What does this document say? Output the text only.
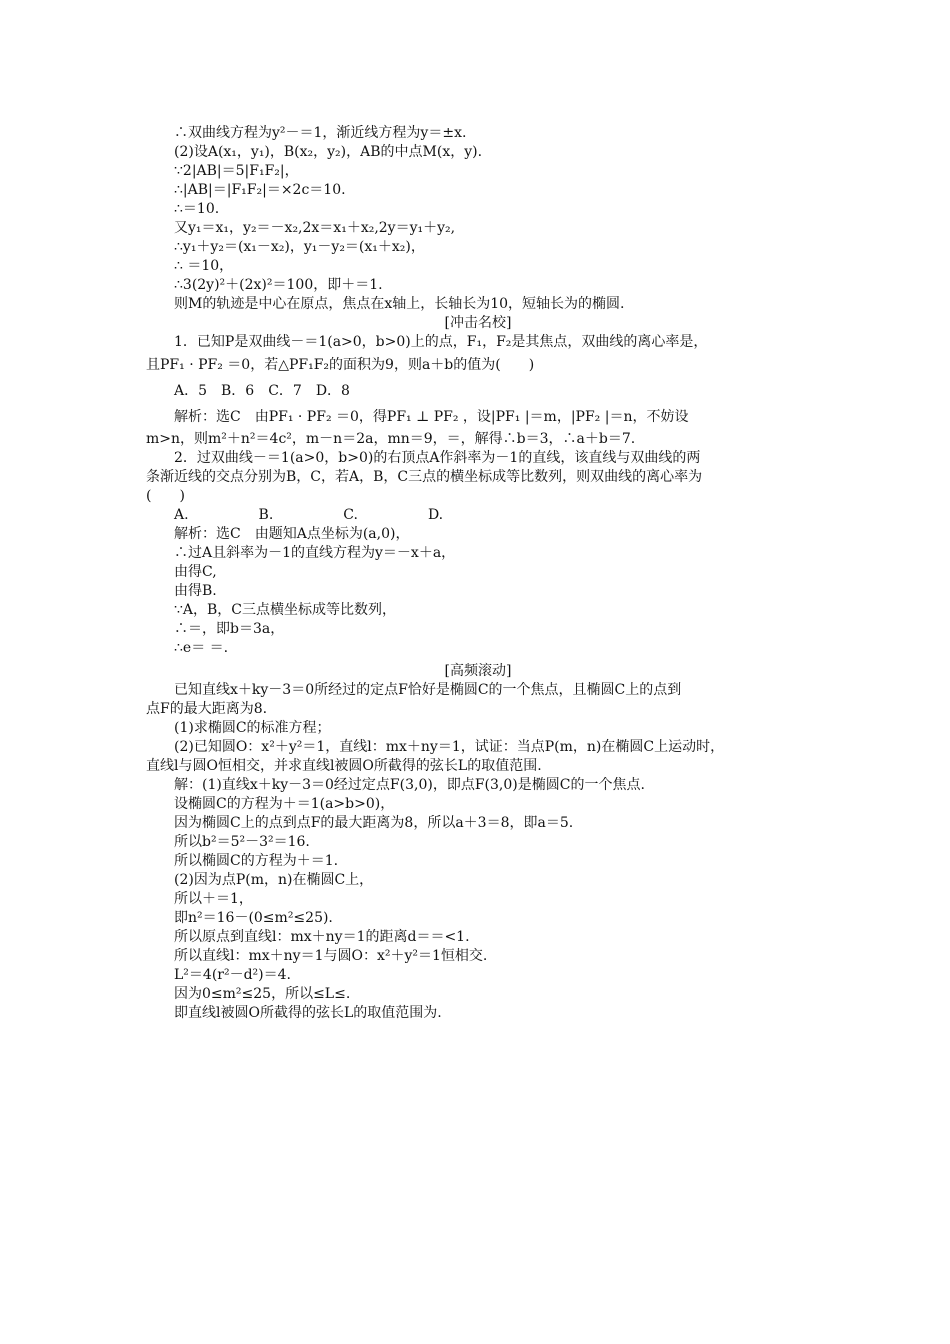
∴双曲线方程为y²－＝1，渐近线方程为y＝±x.
(2)设A(x₁，y₁)，B(x₂，y₂)，AB的中点M(x，y).
∵2|AB|＝5|F₁F₂|，
∴|AB|＝|F₁F₂|＝×2c＝10.
∴＝10.
又y₁＝x₁，y₂＝－x₂,2x＝x₁＋x₂,2y＝y₁＋y₂,
∴y₁＋y₂＝(x₁－x₂)，y₁－y₂＝(x₁＋x₂)，
∴ ＝10，
∴3(2y)²＋(2x)²＝100，即＋＝1.
则M的轨迹是中心在原点，焦点在x轴上，长轴长为10，短轴长为的椭圆.
[冲击名校]
1．已知P是双曲线－＝1(a>0，b>0)上的点，F₁，F₂是其焦点，双曲线的离心率是，
且PF₁ · PF₂ ＝0，若△PF₁F₂的面积为9，则a＋b的值为(　　)
A．5　B．6　C．7　D．8
解析：选C　由PF₁ · PF₂ ＝0，得PF₁ ⊥ PF₂ ，设|PF₁ |＝m，|PF₂ |＝n，不妨设
m>n，则m²＋n²＝4c²，m－n＝2a，mn＝9，＝，解得∴b＝3，∴a＋b＝7.
2．过双曲线－＝1(a>0，b>0)的右顶点A作斜率为－1的直线，该直线与双曲线的两
条渐近线的交点分别为B，C，若A，B，C三点的横坐标成等比数列，则双曲线的离心率为
(　　)
A.　　　　　B.　　　　　C.　　　　　D.
解析：选C　由题知A点坐标为(a,0)，
∴过A且斜率为－1的直线方程为y＝－x＋a，
由得C,
由得B.
∵A，B，C三点横坐标成等比数列，
∴＝，即b＝3a，
∴e＝ ＝.
[高频滚动]
已知直线x＋ky－3＝0所经过的定点F恰好是椭圆C的一个焦点，且椭圆C上的点到
点F的最大距离为8.
(1)求椭圆C的标准方程；
(2)已知圆O：x²＋y²＝1，直线l：mx＋ny＝1，试证：当点P(m，n)在椭圆C上运动时，
直线l与圆O恒相交，并求直线l被圆O所截得的弦长L的取值范围.
解：(1)直线x＋ky－3＝0经过定点F(3,0)，即点F(3,0)是椭圆C的一个焦点.
设椭圆C的方程为＋＝1(a>b>0)，
因为椭圆C上的点到点F的最大距离为8，所以a＋3＝8，即a＝5.
所以b²＝5²－3²＝16.
所以椭圆C的方程为＋＝1.
(2)因为点P(m，n)在椭圆C上，
所以＋＝1，
即n²＝16－(0≤m²≤25).
所以原点到直线l：mx＋ny＝1的距离d＝＝<1.
所以直线l：mx＋ny＝1与圆O：x²＋y²＝1恒相交.
L²＝4(r²－d²)＝4.
因为0≤m²≤25，所以≤L≤.
即直线l被圆O所截得的弦长L的取值范围为.
